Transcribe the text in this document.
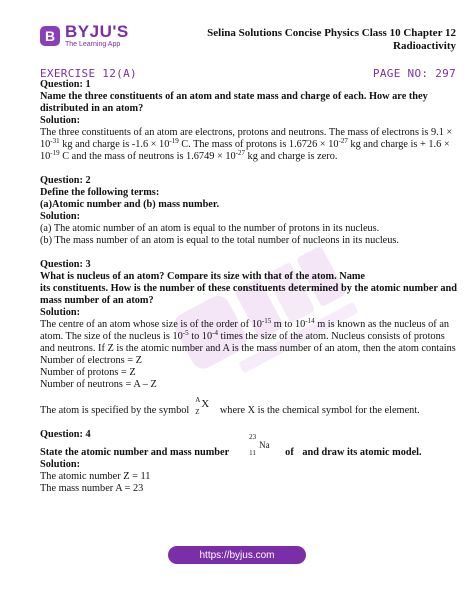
B BYJU'S
The Learning App
Selina Solutions Concise Physics Class 10 Chapter 12
Radioactivity
EXERCISE 12(A)	PAGE NO: 297
Question: 1
Name the three constituents of an atom and state mass and charge of each. How are they distributed in an atom?
Solution:
The three constituents of an atom are electrons, protons and neutrons. The mass of electrons is $9.1 \times 10^{-31}$ kg and charge is $-1.6 \times 10^{-19}$ C. The mass of protons is $1.6726 \times 10^{-27}$ kg and charge is + $1.6 \times 10^{-19}$ C and the mass of neutrons is $1.6749 \times 10^{-27}$ kg and charge is zero.
Question: 2
Define the following terms:
(a)Atomic number and (b) mass number.
Solution:
(a) The atomic number of an atom is equal to the number of protons in its nucleus.
(b) The mass number of an atom is equal to the total number of nucleons in its nucleus.
Question: 3
What is nucleus of an atom? Compare its size with that of the atom. Name
its constituents. How is the number of these constituents determined by the atomic number and mass number of an atom?
Solution:
The centre of an atom whose size is of the order of $10^{-15}$ m to $10^{-14}$ m is known as the nucleus of an atom. The size of the nucleus is $10^{-5}$ to $10^{-4}$ times the size of the atom. Nucleus consists of protons and neutrons. If Z is the atomic number and A is the mass number of an atom, then the atom contains
Number of electrons = Z
Number of protons = Z
Number of neutrons = A – Z
The atom is specified by the symbol
A
Z
X
where X is the chemical symbol for the element.
Question: 4
State the atomic number and mass number
23
11
Na
of and draw its atomic model.
Solution:
The atomic number Z = 11
The mass number A = 23
https://byjus.com
